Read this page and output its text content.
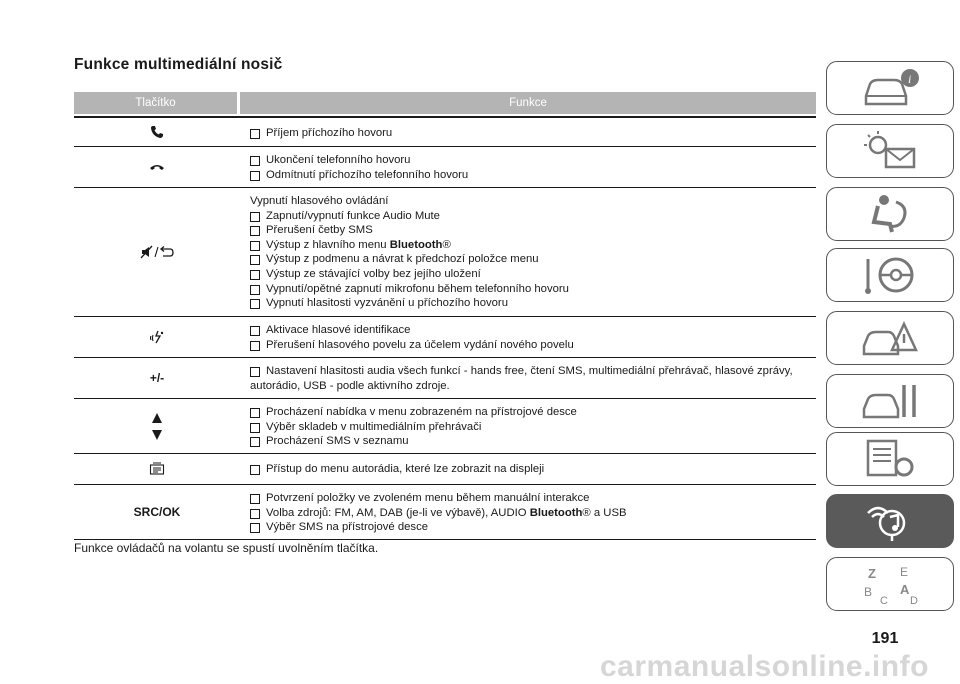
Funkce multimediální nosič
Tlačítko	Funkce
Příjem příchozího hovoru
Ukončení telefonního hovoru
Odmítnutí příchozího telefonního hovoru
Vypnutí hlasového ovládání
Zapnutí/vypnutí funkce Audio Mute
Přerušení četby SMS
Výstup z hlavního menu Bluetooth®
Výstup z podmenu a návrat k předchozí položce menu
Výstup ze stávající volby bez jejího uložení
Vypnutí/opětné zapnutí mikrofonu během telefonního hovoru
Vypnutí hlasitosti vyzvánění u příchozího hovoru
Aktivace hlasové identifikace
Přerušení hlasového povelu za účelem vydání nového povelu
+/-	Nastavení hlasitosti audia všech funkcí - hands free, čtení SMS, multimediální přehrávač, hlasové zprávy,
autorádio, USB - podle aktivního zdroje.
Procházení nabídka v menu zobrazeném na přístrojové desce
Výběr skladeb v multimediálním přehrávači
Procházení SMS v seznamu
Přístup do menu autorádia, které lze zobrazit na displeji
SRC/OK
Potvrzení položky ve zvoleném menu během manuální interakce
Volba zdrojů: FM, AM, DAB (je-li ve výbavě), AUDIO Bluetooth® a USB
Výběr SMS na přístrojové desce
Funkce ovládačů na volantu se spustí uvolněním tlačítka.
i
Z E
B A
C D
191
carmanualsonline.info
